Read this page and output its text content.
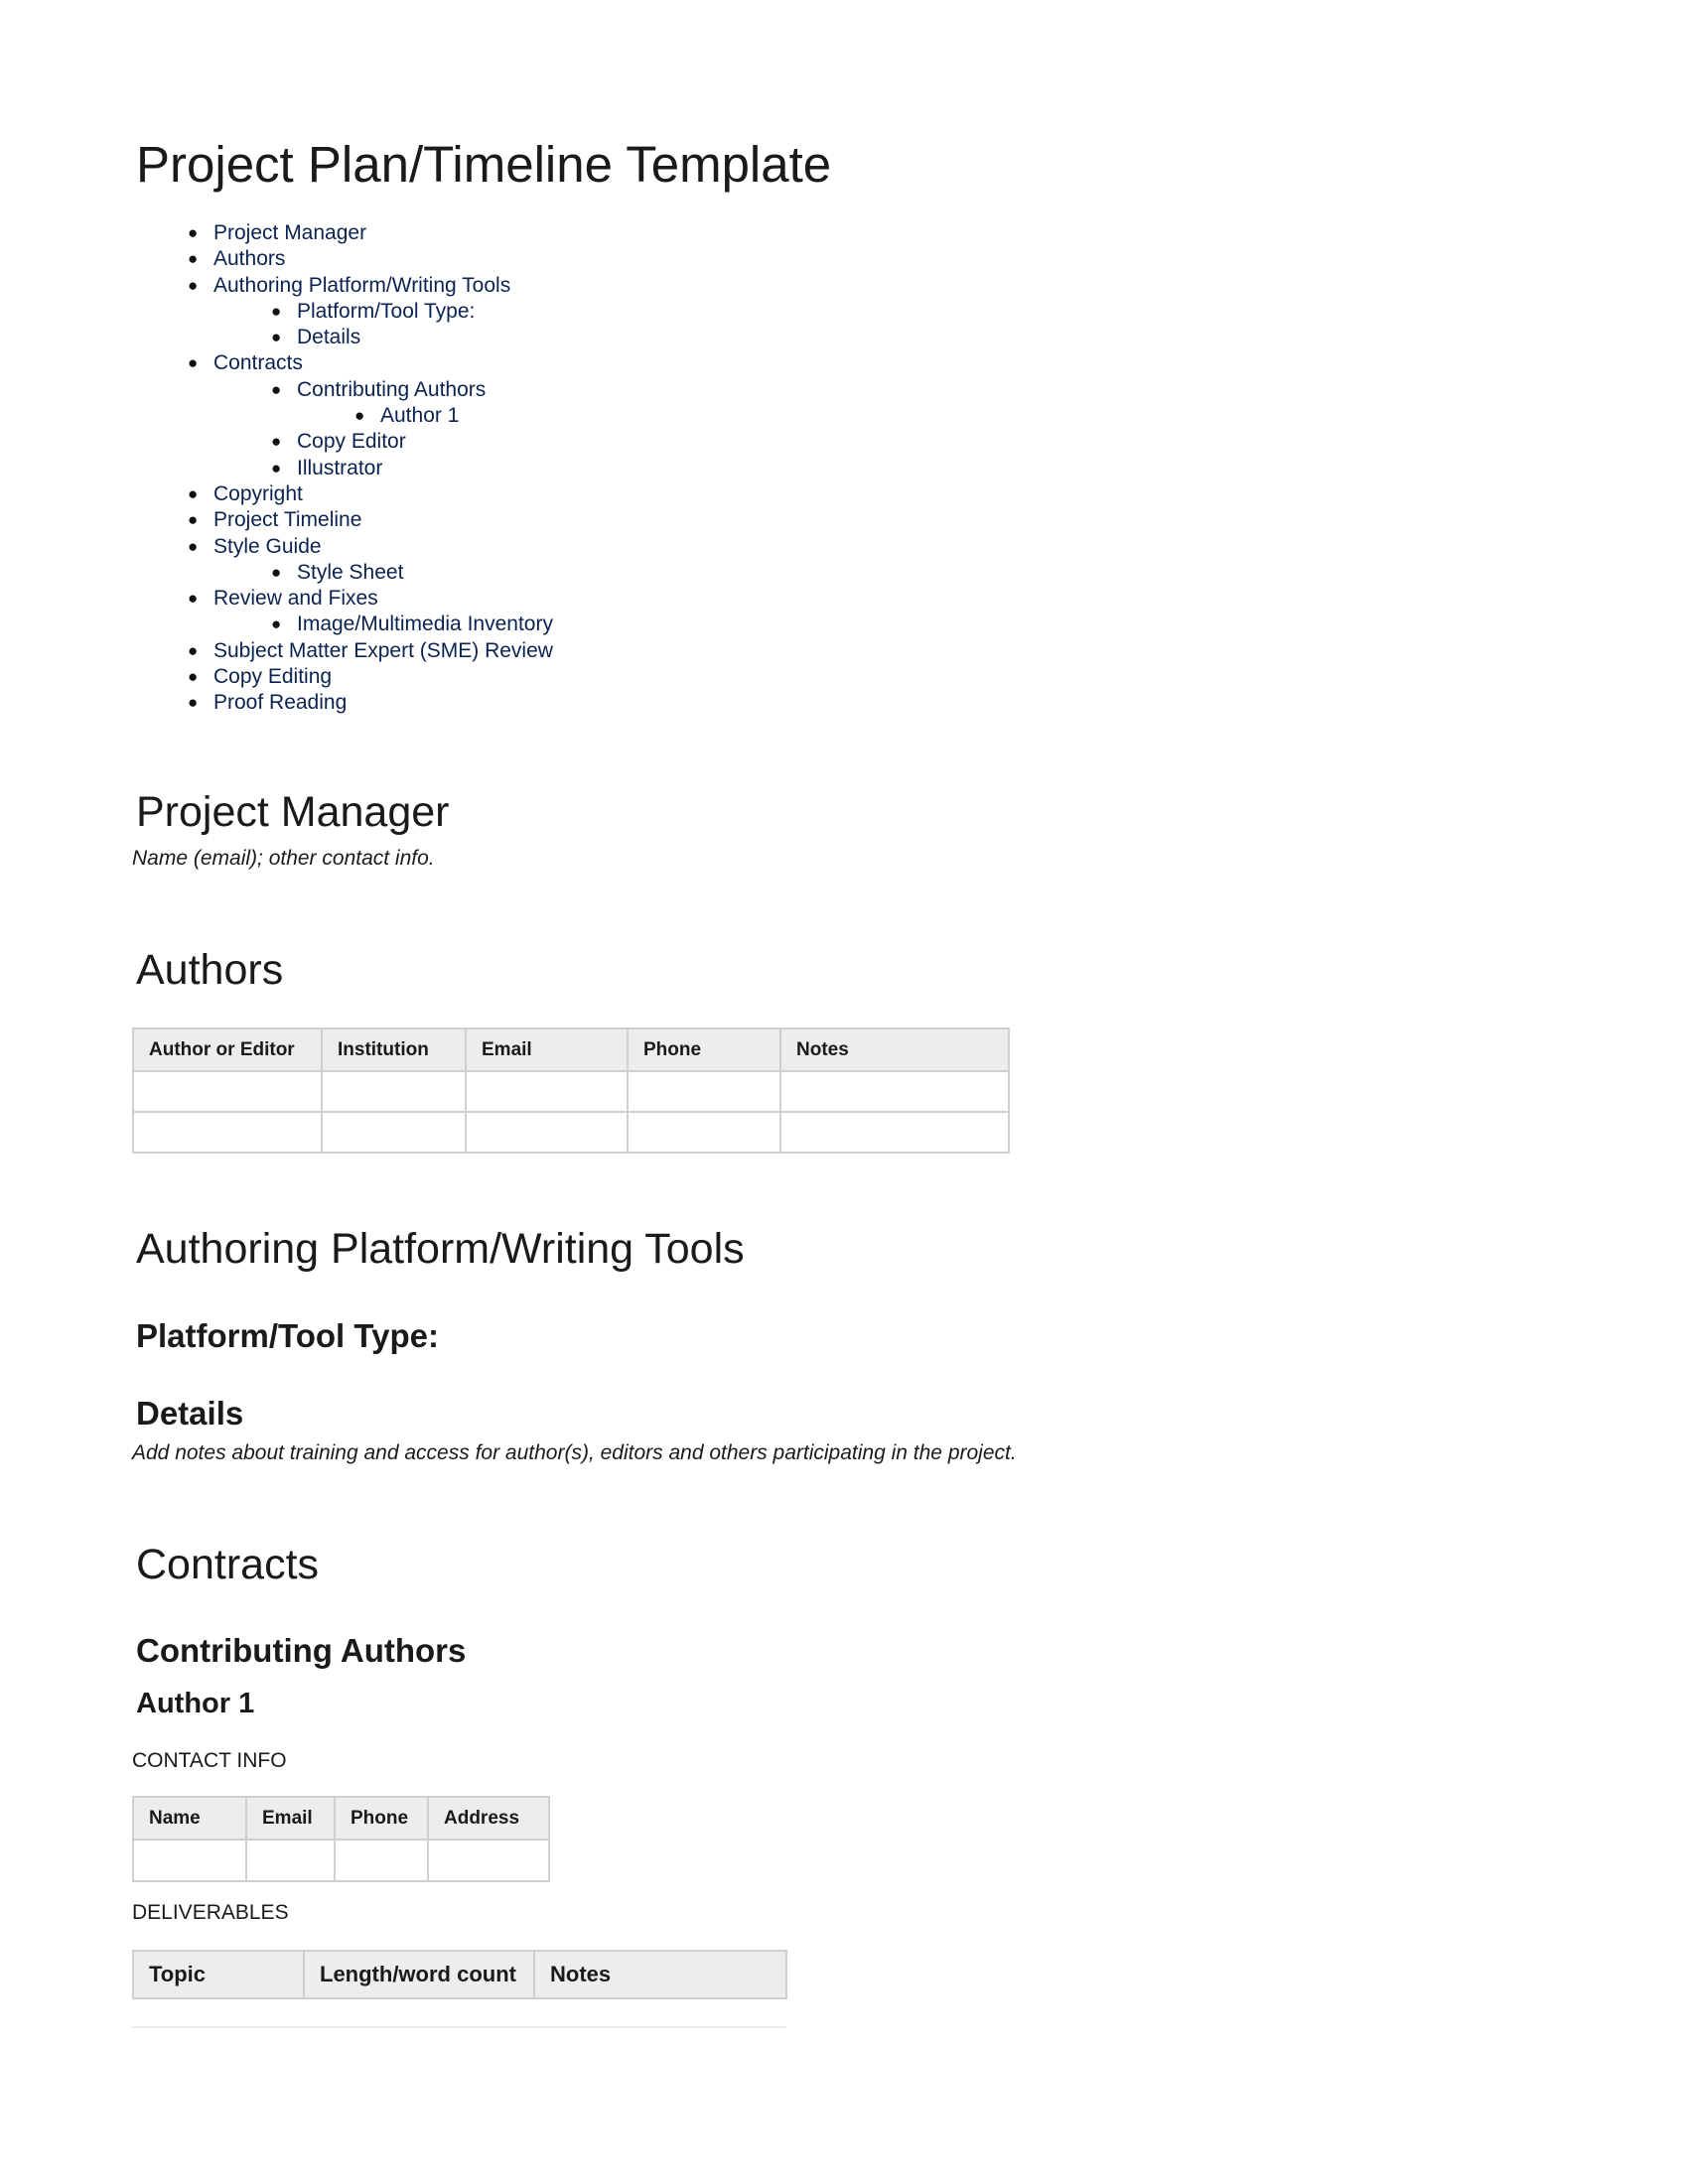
Project Plan/Timeline Template
● Project Manager
● Authors
● Authoring Platform/Writing Tools
● Platform/Tool Type:
● Details
● Contracts
● Contributing Authors
● Author 1
● Copy Editor
● Illustrator
● Copyright
● Project Timeline
● Style Guide
● Style Sheet
● Review and Fixes
● Image/Multimedia Inventory
● Subject Matter Expert (SME) Review
● Copy Editing
● Proof Reading
Project Manager

Name (email); other contact info.

Authors
Author or Editor	Institution	Email	Phone	Notes

Authoring Platform/Writing Tools
Platform/Tool Type:
Details

Add notes about training and access for author(s), editors and others participating in the project.

Contracts
Contributing Authors
Author 1

CONTACT INFO

Name	Email	Phone	Address

DELIVERABLES

Topic	Length/word count	Notes
